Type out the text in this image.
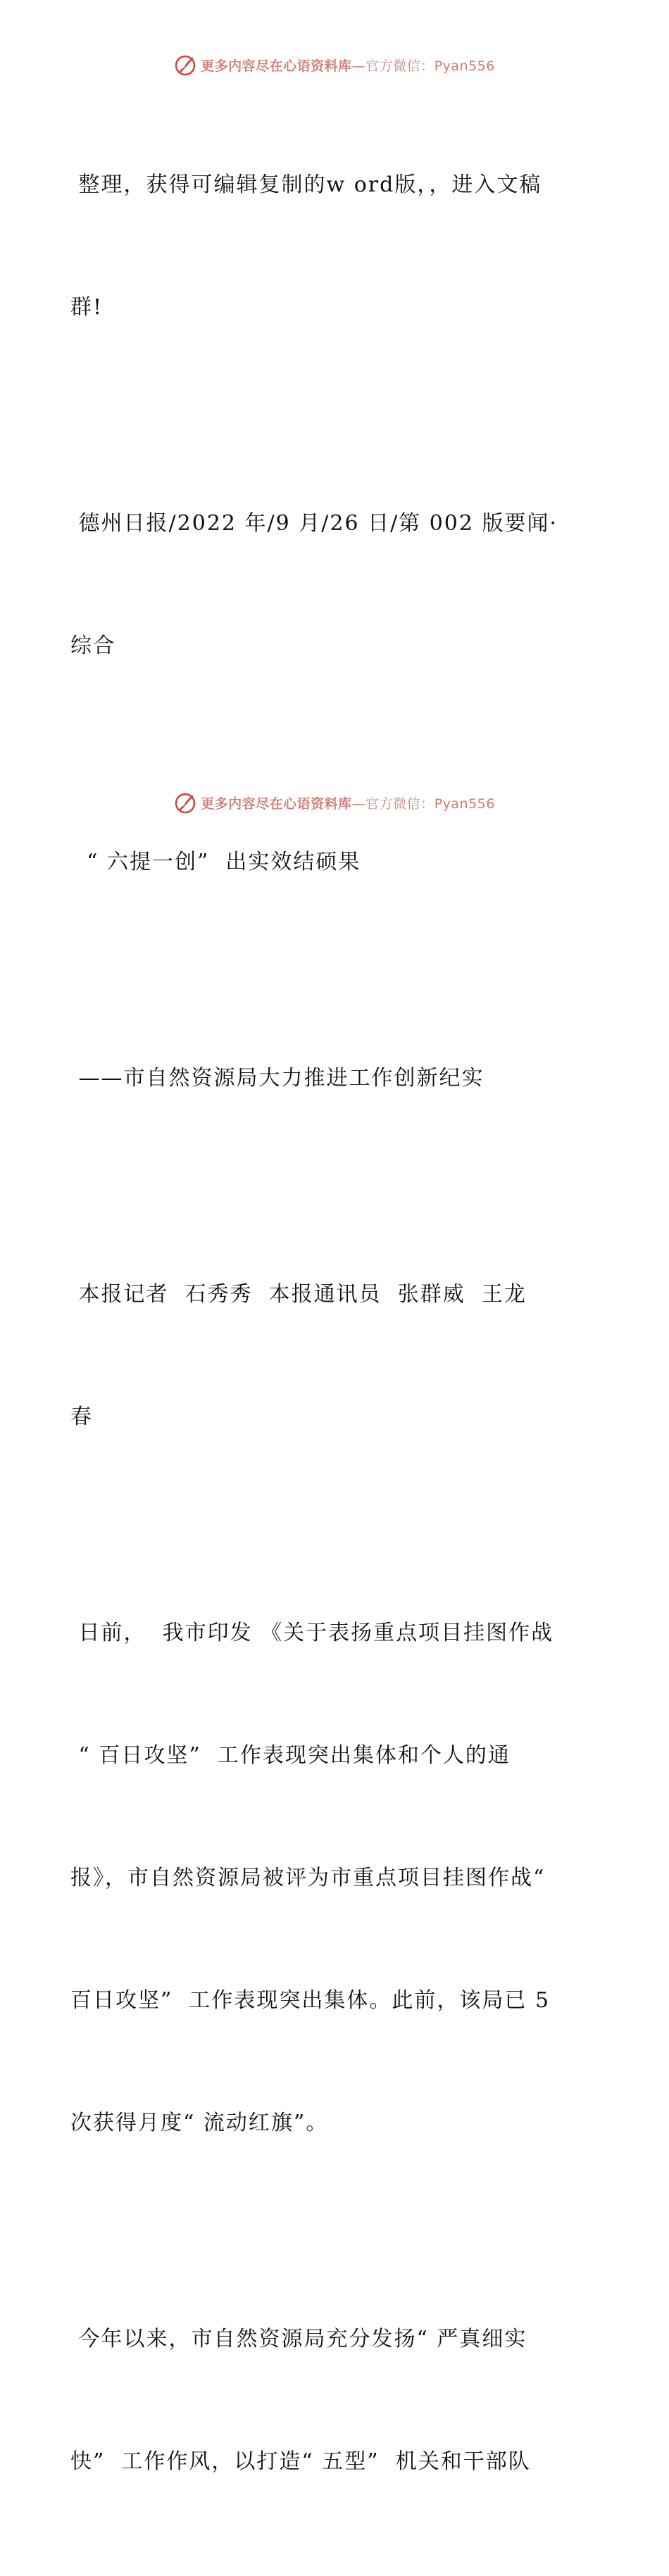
更多内容尽在心语资料库—官方微信：Pyan556

整理，获得可编辑复制的w ord版，，进入文稿

群!

德州日报/2022 年/9 月/26 日/第 002 版要闻·

综合

“ 六提一创”  出实效结硕果

——市自然资源局大力推进工作创新纪实

本报记者  石秀秀  本报通讯员  张群威  王龙

春

日前，  我市印发 《关于表扬重点项目挂图作战

“ 百日攻坚”  工作表现突出集体和个人的通

报》，市自然资源局被评为市重点项目挂图作战“

百日攻坚”  工作表现突出集体。此前，该局已 5

次获得月度“ 流动红旗”。

今年以来，市自然资源局充分发扬“ 严真细实

快”  工作作风，以打造“ 五型”  机关和干部队

更多内容尽在心语资料库—官方微信：Pyan556
